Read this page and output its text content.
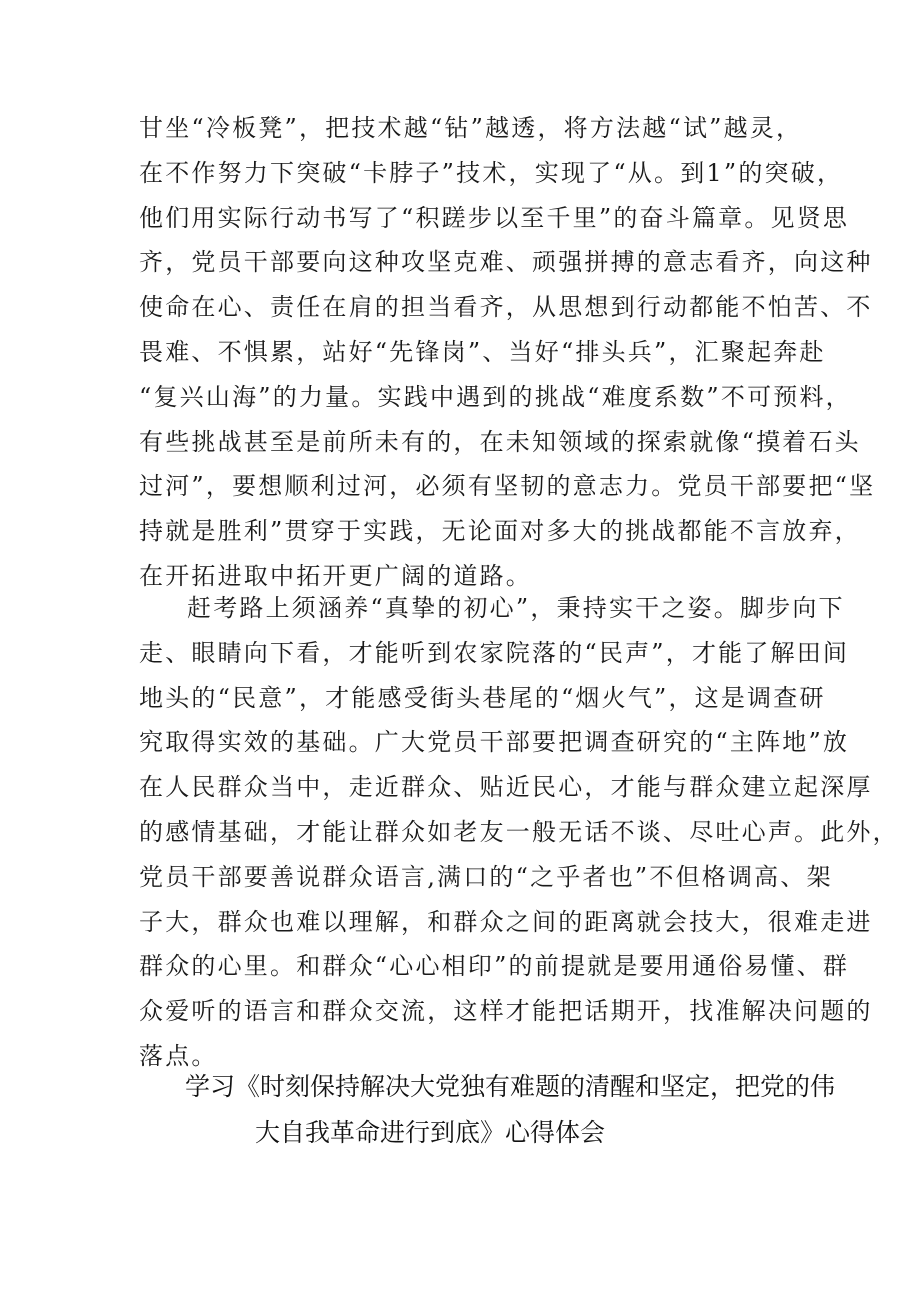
甘坐“冷板凳”，把技术越“钻”越透，将方法越“试”越灵，
在不作努力下突破“卡脖子”技术，实现了“从。到1”的突破，
他们用实际行动书写了“积蹉步以至千里”的奋斗篇章。见贤思
齐，党员干部要向这种攻坚克难、顽强拼搏的意志看齐，向这种
使命在心、责任在肩的担当看齐，从思想到行动都能不怕苦、不
畏难、不惧累，站好“先锋岗”、当好“排头兵”，汇聚起奔赴
“复兴山海”的力量。实践中遇到的挑战“难度系数”不可预料，
有些挑战甚至是前所未有的，在未知领域的探索就像“摸着石头
过河”，要想顺利过河，必须有坚韧的意志力。党员干部要把“坚
持就是胜利”贯穿于实践，无论面对多大的挑战都能不言放弃，
在开拓进取中拓开更广阔的道路。
赶考路上须涵养“真挚的初心”，秉持实干之姿。脚步向下
走、眼睛向下看，才能听到农家院落的“民声”，才能了解田间
地头的“民意”，才能感受街头巷尾的“烟火气”，这是调查研
究取得实效的基础。广大党员干部要把调查研究的“主阵地”放
在人民群众当中，走近群众、贴近民心，才能与群众建立起深厚
的感情基础，才能让群众如老友一般无话不谈、尽吐心声。此外，
党员干部要善说群众语言,满口的“之乎者也”不但格调高、架
子大，群众也难以理解，和群众之间的距离就会技大，很难走进
群众的心里。和群众“心心相印”的前提就是要用通俗易懂、群
众爱听的语言和群众交流，这样才能把话期开，找准解决问题的
落点。
学习《时刻保持解决大党独有难题的清醒和坚定，把党的伟
大自我革命进行到底》心得体会
